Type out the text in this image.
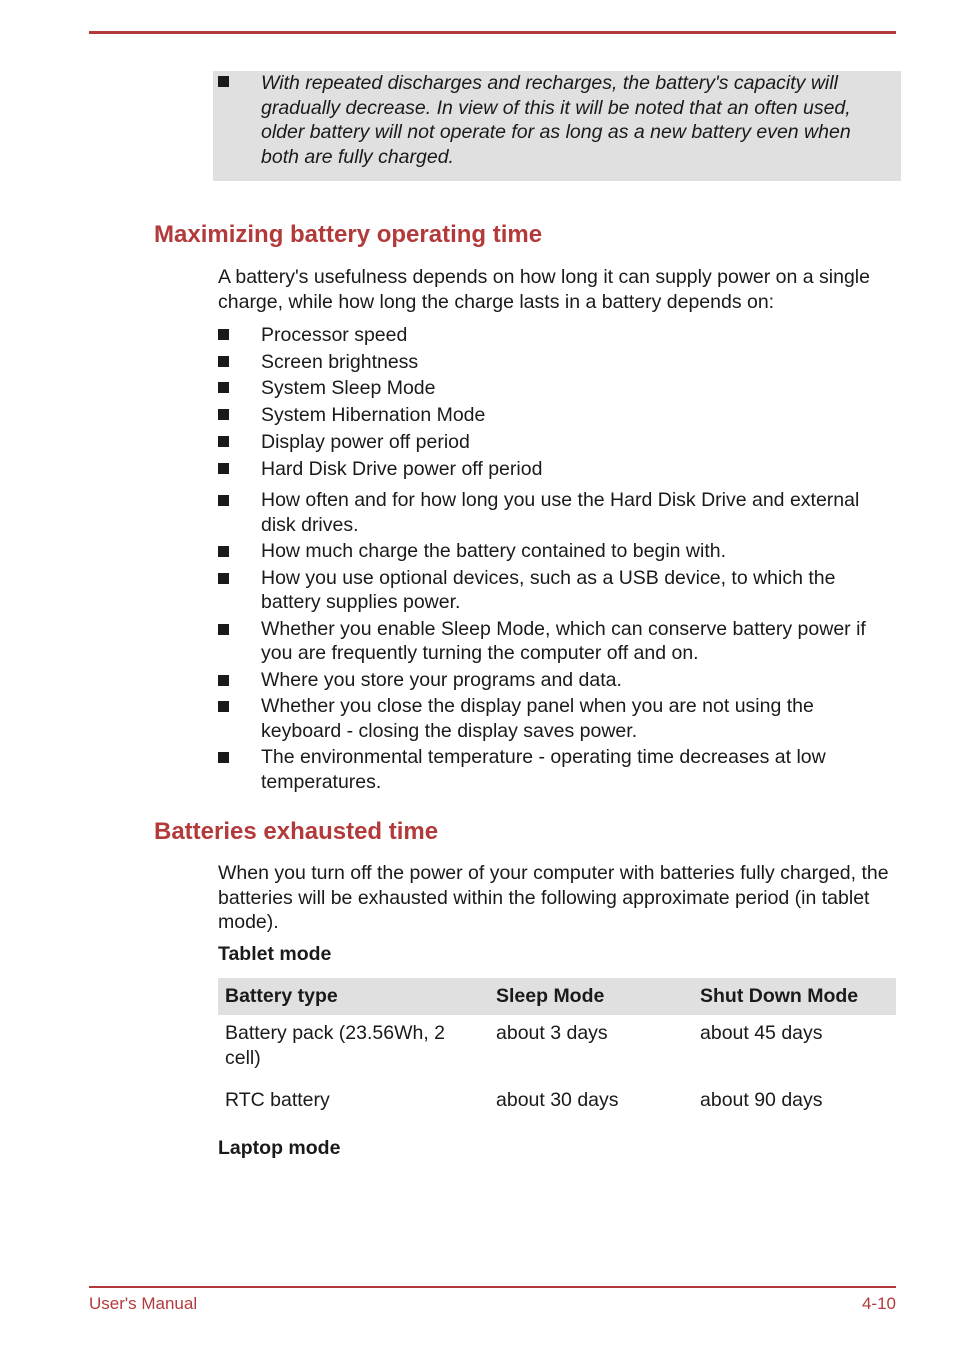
With repeated discharges and recharges, the battery's capacity will gradually decrease. In view of this it will be noted that an often used, older battery will not operate for as long as a new battery even when both are fully charged.

Maximizing battery operating time

A battery's usefulness depends on how long it can supply power on a single charge, while how long the charge lasts in a battery depends on:

Processor speed
Screen brightness
System Sleep Mode
System Hibernation Mode
Display power off period
Hard Disk Drive power off period
How often and for how long you use the Hard Disk Drive and external disk drives.
How much charge the battery contained to begin with.
How you use optional devices, such as a USB device, to which the battery supplies power.
Whether you enable Sleep Mode, which can conserve battery power if you are frequently turning the computer off and on.
Where you store your programs and data.
Whether you close the display panel when you are not using the keyboard - closing the display saves power.
The environmental temperature - operating time decreases at low temperatures.
Batteries exhausted time

When you turn off the power of your computer with batteries fully charged, the batteries will be exhausted within the following approximate period (in tablet mode).

Tablet mode

Battery type	Sleep Mode	Shut Down Mode
Battery pack (23.56Wh, 2 cell)	about 3 days	about 45 days
RTC battery	about 30 days	about 90 days

Laptop mode

User's Manual	4-10
